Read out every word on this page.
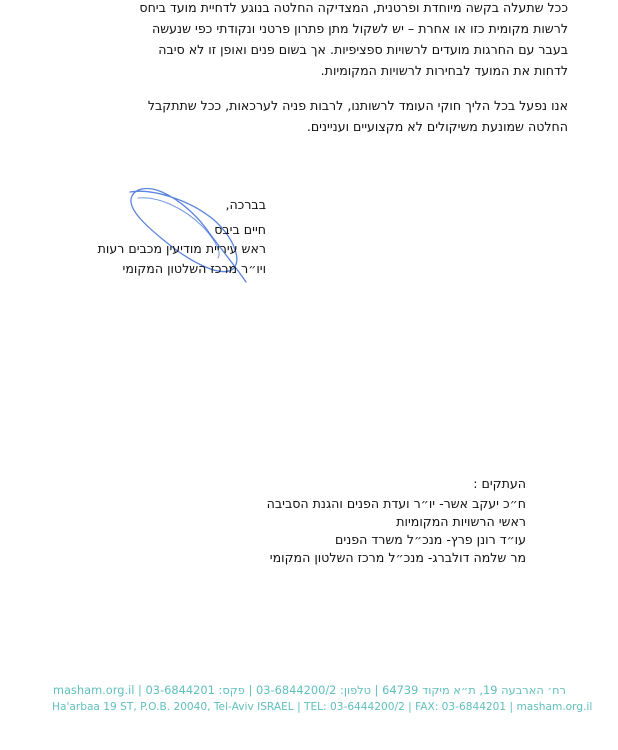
ככל שתעלה בקשה מיוחדת ופרטנית, המצדיקה החלטה בנוגע לדחיית מועד ביחס

לרשות מקומית כזו או אחרת – יש לשקול מתן פתרון פרטני ונקודתי כפי שנעשה

בעבר עם החרגות מועדים לרשויות ספציפיות. אך בשום פנים ואופן זו לא סיבה

לדחות את המועד לבחירות לרשויות המקומיות.

אנו נפעל בכל הליך חוקי העומד לרשותנו, לרבות פניה לערכאות, ככל שתתקבל

החלטה שמונעת משיקולים לא מקצועיים ועניינים.

בברכה,
חיים ביבס
ראש עיריית מודיעין מכבים רעות
ויו״ר מרכז השלטון המקומי
העתקים :
ח״כ יעקב אשר- יו״ר ועדת הפנים והגנת הסביבה
ראשי הרשויות המקומיות
עו״ד רונן פרץ- מנכ״ל משרד הפנים
מר שלמה דולברג- מנכ״ל מרכז השלטון המקומי
רח׳ הארבעה 19, ת״א מיקוד 64739 | טלפון: 03-6844200/2 | פקס: 03-6844201 | masham.org.il
Ha'arbaa 19 ST, P.O.B. 20040, Tel-Aviv ISRAEL | TEL: 03-6444200/2 | FAX: 03-6844201 | masham.org.il
